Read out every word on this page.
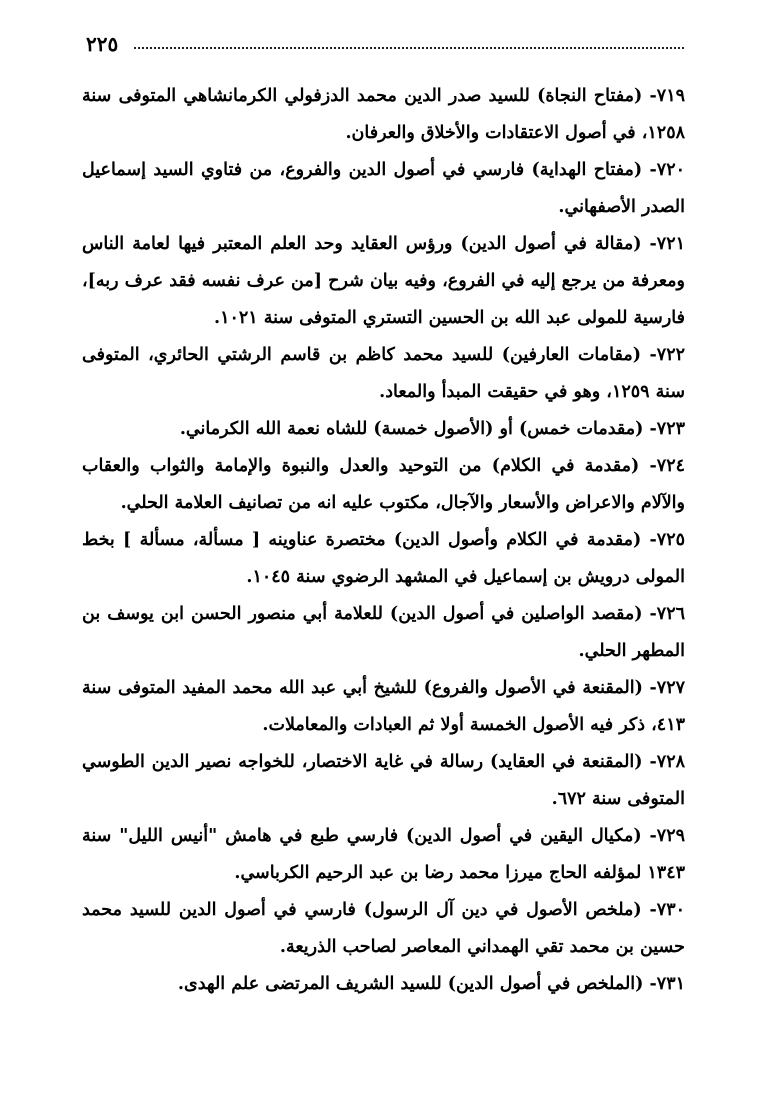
٢٢٥

٧١٩- (مفتاح النجاة) للسيد صدر الدين محمد الدزفولي الكرمانشاهي المتوفى سنة ١٢٥٨، في أصول الاعتقادات والأخلاق والعرفان.

٧٢٠- (مفتاح الهداية) فارسي في أصول الدين والفروع، من فتاوي السيد إسماعيل الصدر الأصفهاني.

٧٢١- (مقالة في أصول الدين) ورؤس العقايد وحد العلم المعتبر فيها لعامة الناس ومعرفة من يرجع إليه في الفروع، وفيه بيان شرح [من عرف نفسه فقد عرف ربه]، فارسية للمولى عبد الله بن الحسين التستري المتوفى سنة ١٠٢١.

٧٢٢- (مقامات العارفين) للسيد محمد كاظم بن قاسم الرشتي الحائري، المتوفى سنة ١٢٥٩، وهو في حقيقت المبدأ والمعاد.

٧٢٣- (مقدمات خمس) أو (الأصول خمسة) للشاه نعمة الله الكرماني.

٧٢٤- (مقدمة في الكلام) من التوحيد والعدل والنبوة والإمامة والثواب والعقاب والآلام والاعراض والأسعار والآجال، مكتوب عليه انه من تصانيف العلامة الحلي.

٧٢٥- (مقدمة في الكلام وأصول الدين) مختصرة عناوينه [ مسألة، مسألة ] بخط المولى درويش بن إسماعيل في المشهد الرضوي سنة ١٠٤٥.

٧٢٦- (مقصد الواصلين في أصول الدين) للعلامة أبي منصور الحسن ابن يوسف بن المطهر الحلي.

٧٢٧- (المقنعة في الأصول والفروع) للشيخ أبي عبد الله محمد المفيد المتوفى سنة ٤١٣، ذكر فيه الأصول الخمسة أولا ثم العبادات والمعاملات.

٧٢٨- (المقنعة في العقايد) رسالة في غاية الاختصار، للخواجه نصير الدين الطوسي المتوفى سنة ٦٧٢.

٧٢٩- (مكيال اليقين في أصول الدين) فارسي طبع في هامش "أنيس الليل" سنة ١٣٤٣ لمؤلفه الحاج ميرزا محمد رضا بن عبد الرحيم الكرباسي.

٧٣٠- (ملخص الأصول في دين آل الرسول) فارسي في أصول الدين للسيد محمد حسين بن محمد تقي الهمداني المعاصر لصاحب الذريعة.

٧٣١- (الملخص في أصول الدين) للسيد الشريف المرتضى علم الهدى.
